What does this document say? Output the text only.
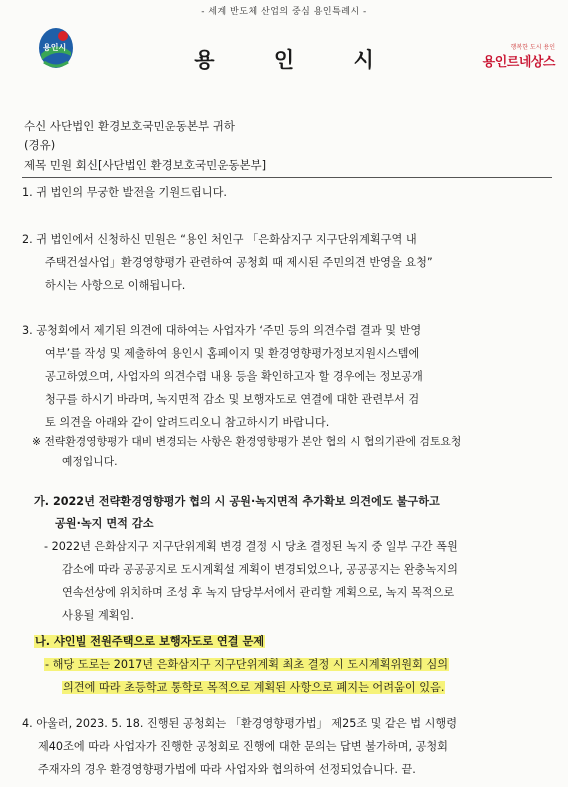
- 세계 반도체 산업의 중심 용인특례시 -
용인시
용 인 시
행복한 도시 용인
용인르네상스
수신 사단법인 환경보호국민운동본부 귀하
(경유)
제목 민원 회신[사단법인 환경보호국민운동본부]
1. 귀 법인의 무궁한 발전을 기원드립니다.
2. 귀 법인에서 신청하신 민원은 “용인 처인구 「은화삼지구 지구단위계획구역 내
주택건설사업」환경영향평가 관련하여 공청회 때 제시된 주민의견 반영을 요청”
하시는 사항으로 이해됩니다.
3. 공청회에서 제기된 의견에 대하여는 사업자가 ‘주민 등의 의견수렴 결과 및 반영
여부’를 작성 및 제출하여 용인시 홈페이지 및 환경영향평가정보지원시스템에
공고하였으며, 사업자의 의견수렴 내용 등을 확인하고자 할 경우에는 정보공개
청구를 하시기 바라며, 녹지면적 감소 및 보행자도로 연결에 대한 관련부서 검
토 의견을 아래와 같이 알려드리오니 참고하시기 바랍니다.
※ 전략환경영향평가 대비 변경되는 사항은 환경영향평가 본안 협의 시 협의기관에 검토요청
예정입니다.
가. 2022년 전략환경영향평가 협의 시 공원·녹지면적 추가확보 의견에도 불구하고
공원·녹지 면적 감소
- 2022년 은화삼지구 지구단위계획 변경 결정 시 당초 결정된 녹지 중 일부 구간 폭원
감소에 따라 공공공지로 도시계획설 계획이 변경되었으나, 공공공지는 완충녹지의
연속선상에 위치하며 조성 후 녹지 담당부서에서 관리할 계획으로, 녹지 목적으로
사용될 계획임.
나. 샤인빌 전원주택으로 보행자도로 연결 문제
- 해당 도로는 2017년 은화삼지구 지구단위계획 최초 결정 시 도시계획위원회 심의
의견에 따라 초등학교 통학로 목적으로 계획된 사항으로 폐지는 어려움이 있음.
4. 아울러, 2023. 5. 18. 진행된 공청회는 「환경영향평가법」 제25조 및 같은 법 시행령
제40조에 따라 사업자가 진행한 공청회로 진행에 대한 문의는 답변 불가하며, 공청회
주재자의 경우 환경영향평가법에 따라 사업자와 협의하여 선정되었습니다. 끝.
